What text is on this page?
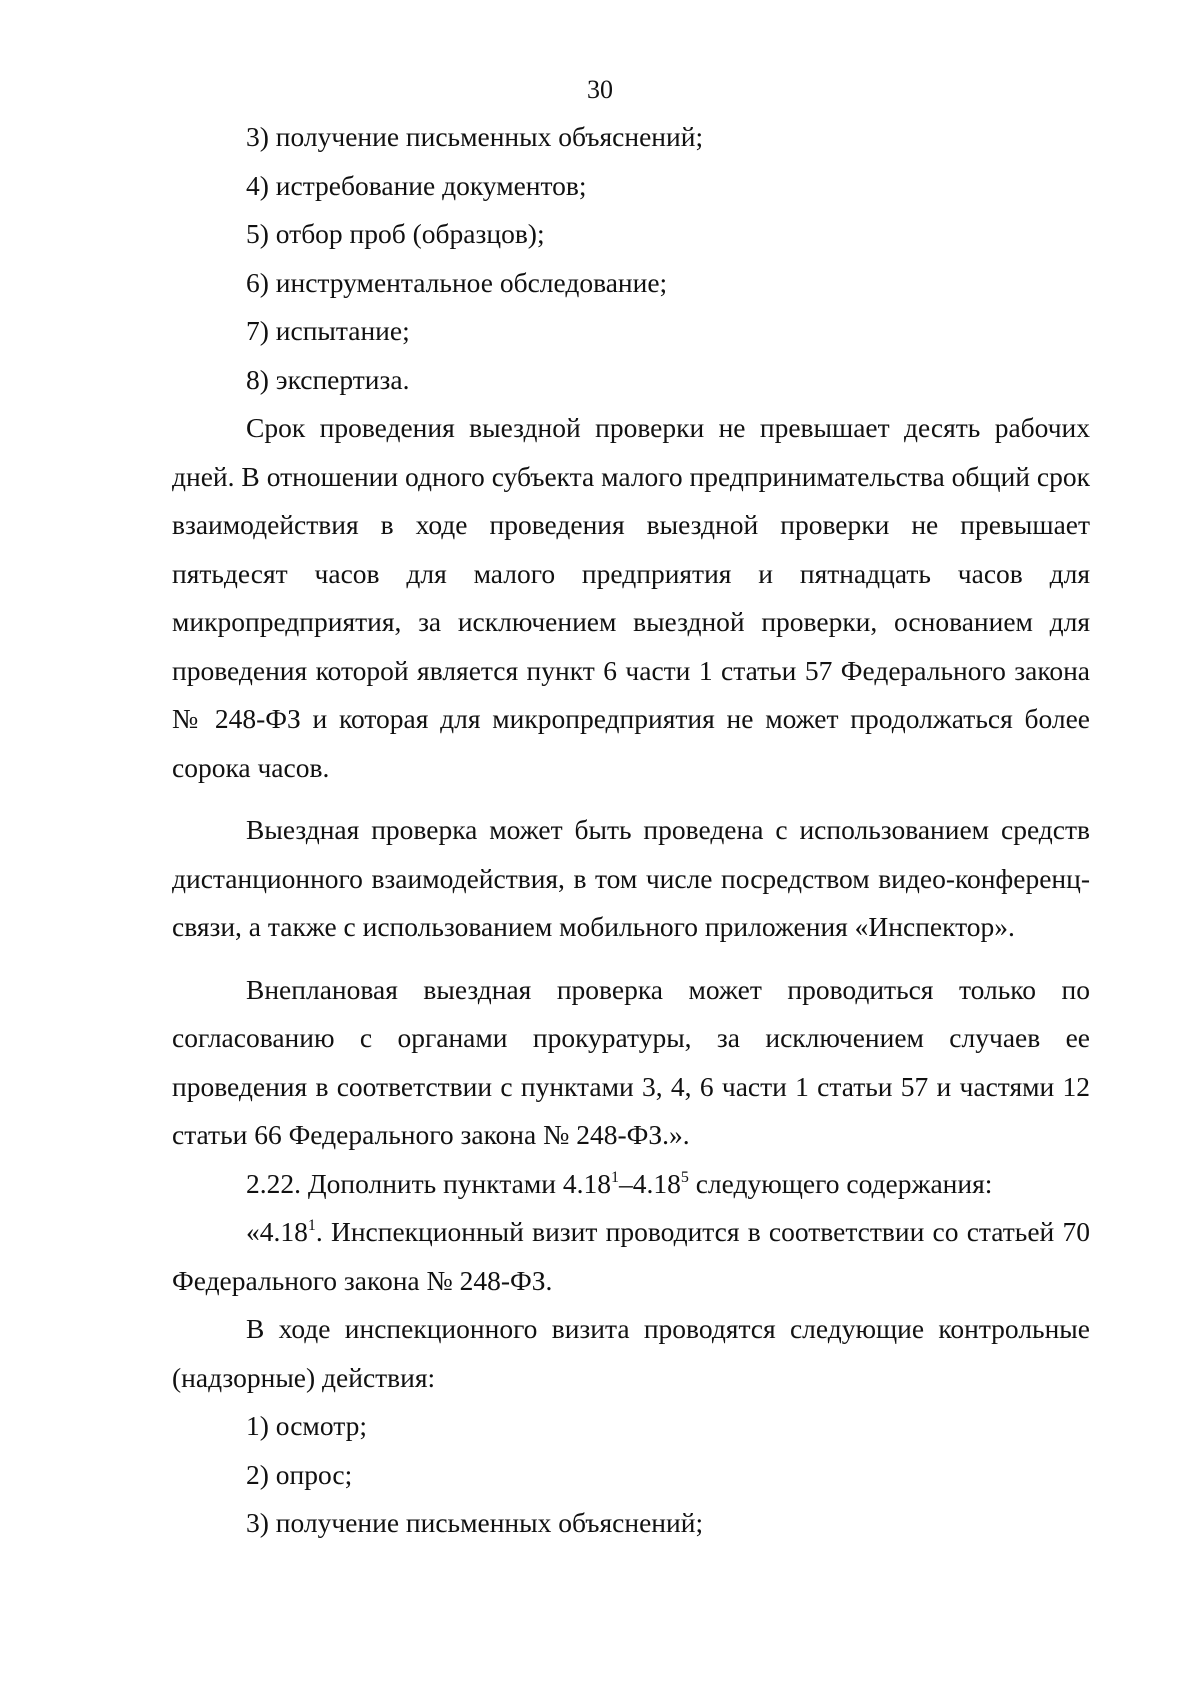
30

3) получение письменных объяснений;

4) истребование документов;

5) отбор проб (образцов);

6) инструментальное обследование;

7) испытание;

8) экспертиза.

Срок проведения выездной проверки не превышает десять рабочих дней. В отношении одного субъекта малого предпринимательства общий срок взаимодействия в ходе проведения выездной проверки не превышает пятьдесят часов для малого предприятия и пятнадцать часов для микропредприятия, за исключением выездной проверки, основанием для проведения которой является пункт 6 части 1 статьи 57 Федерального закона № 248-ФЗ и которая для микропредприятия не может продолжаться более сорока часов.

Выездная проверка может быть проведена с использованием средств дистанционного взаимодействия, в том числе посредством видео-конференц-связи, а также с использованием мобильного приложения «Инспектор».

Внеплановая выездная проверка может проводиться только по согласованию с органами прокуратуры, за исключением случаев ее проведения в соответствии с пунктами 3, 4, 6 части 1 статьи 57 и частями 12 статьи 66 Федерального закона № 248-ФЗ.».

2.22. Дополнить пунктами 4.18$^1$–4.18$^5$ следующего содержания:

«4.18$^1$. Инспекционный визит проводится в соответствии со статьей 70 Федерального закона № 248-ФЗ.

В ходе инспекционного визита проводятся следующие контрольные (надзорные) действия:

1) осмотр;

2) опрос;

3) получение письменных объяснений;
